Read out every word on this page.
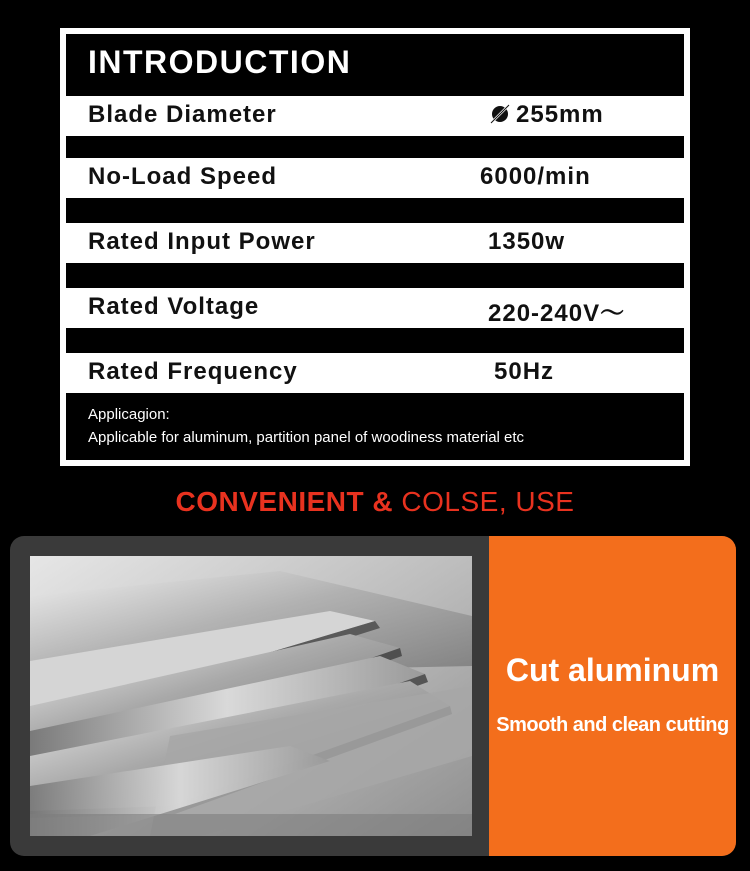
INTRODUCTION
Blade Diameter	255mm
No-Load Speed	6000/min
Rated Input Power	1350w
Rated Voltage	220-240V～
Rated Frequency	50Hz
Applicagion:
Applicable for aluminum, partition panel of woodiness material etc
CONVENIENT & COLSE, USE
Cut aluminum
Smooth and clean cutting
